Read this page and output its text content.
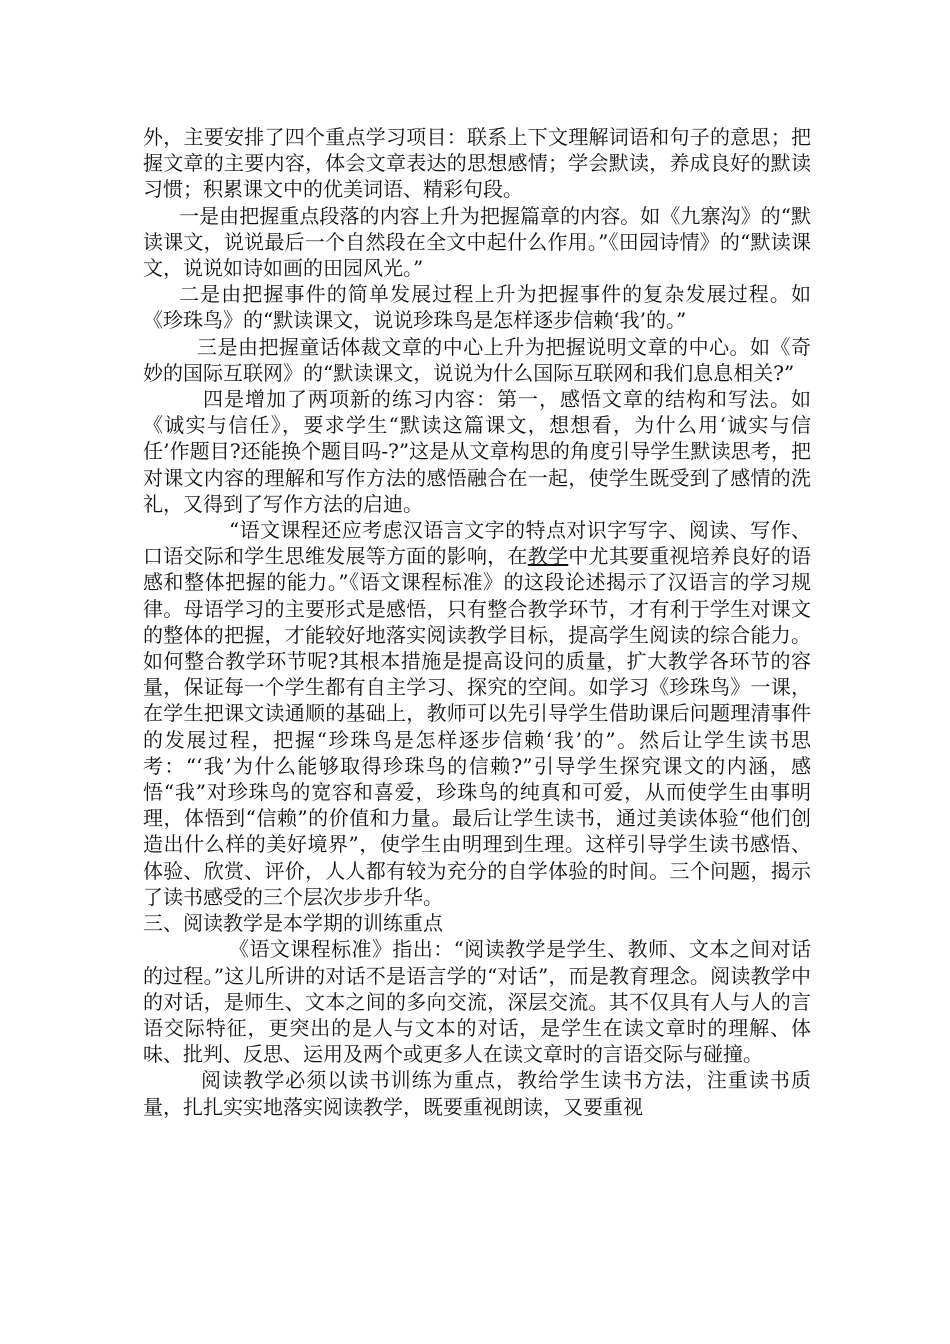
外，主要安排了四个重点学习项目：联系上下文理解词语和句子的意思；把握文章的主要内容，体会文章表达的思想感情；学会默读，养成良好的默读习惯；积累课文中的优美词语、精彩句段。

一是由把握重点段落的内容上升为把握篇章的内容。如《九寨沟》的“默读课文，说说最后一个自然段在全文中起什么作用。”《田园诗情》的“默读课文，说说如诗如画的田园风光。”

二是由把握事件的简单发展过程上升为把握事件的复杂发展过程。如《珍珠鸟》的“默读课文，说说珍珠鸟是怎样逐步信赖‘我’的。”

三是由把握童话体裁文章的中心上升为把握说明文章的中心。如《奇妙的国际互联网》的“默读课文，说说为什么国际互联网和我们息息相关?”

四是增加了两项新的练习内容：第一，感悟文章的结构和写法。如《诚实与信任》，要求学生“默读这篇课文，想想看，为什么用‘诚实与信任’作题目?还能换个题目吗-?”这是从文章构思的角度引导学生默读思考，把对课文内容的理解和写作方法的感悟融合在一起，使学生既受到了感情的洗礼，又得到了写作方法的启迪。

“语文课程还应考虑汉语言文字的特点对识字写字、阅读、写作、口语交际和学生思维发展等方面的影响，在教学中尤其要重视培养良好的语感和整体把握的能力。”《语文课程标准》的这段论述揭示了汉语言的学习规律。母语学习的主要形式是感悟，只有整合教学环节，才有利于学生对课文的整体的把握，才能较好地落实阅读教学目标，提高学生阅读的综合能力。如何整合教学环节呢?其根本措施是提高设问的质量，扩大教学各环节的容量，保证每一个学生都有自主学习、探究的空间。如学习《珍珠鸟》一课，在学生把课文读通顺的基础上，教师可以先引导学生借助课后问题理清事件的发展过程，把握“珍珠鸟是怎样逐步信赖‘我’的”。然后让学生读书思考：“‘我’为什么能够取得珍珠鸟的信赖?”引导学生探究课文的内涵，感悟“我”对珍珠鸟的宽容和喜爱，珍珠鸟的纯真和可爱，从而使学生由事明理，体悟到“信赖”的价值和力量。最后让学生读书，通过美读体验“他们创造出什么样的美好境界”，使学生由明理到生理。这样引导学生读书感悟、体验、欣赏、评价，人人都有较为充分的自学体验的时间。三个问题，揭示了读书感受的三个层次步步升华。

三、阅读教学是本学期的训练重点

《语文课程标准》指出：“阅读教学是学生、教师、文本之间对话的过程。”这儿所讲的对话不是语言学的“对话”，而是教育理念。阅读教学中的对话，是师生、文本之间的多向交流，深层交流。其不仅具有人与人的言语交际特征，更突出的是人与文本的对话，是学生在读文章时的理解、体味、批判、反思、运用及两个或更多人在读文章时的言语交际与碰撞。

阅读教学必须以读书训练为重点，教给学生读书方法，注重读书质量，扎扎实实地落实阅读教学，既要重视朗读，又要重视
